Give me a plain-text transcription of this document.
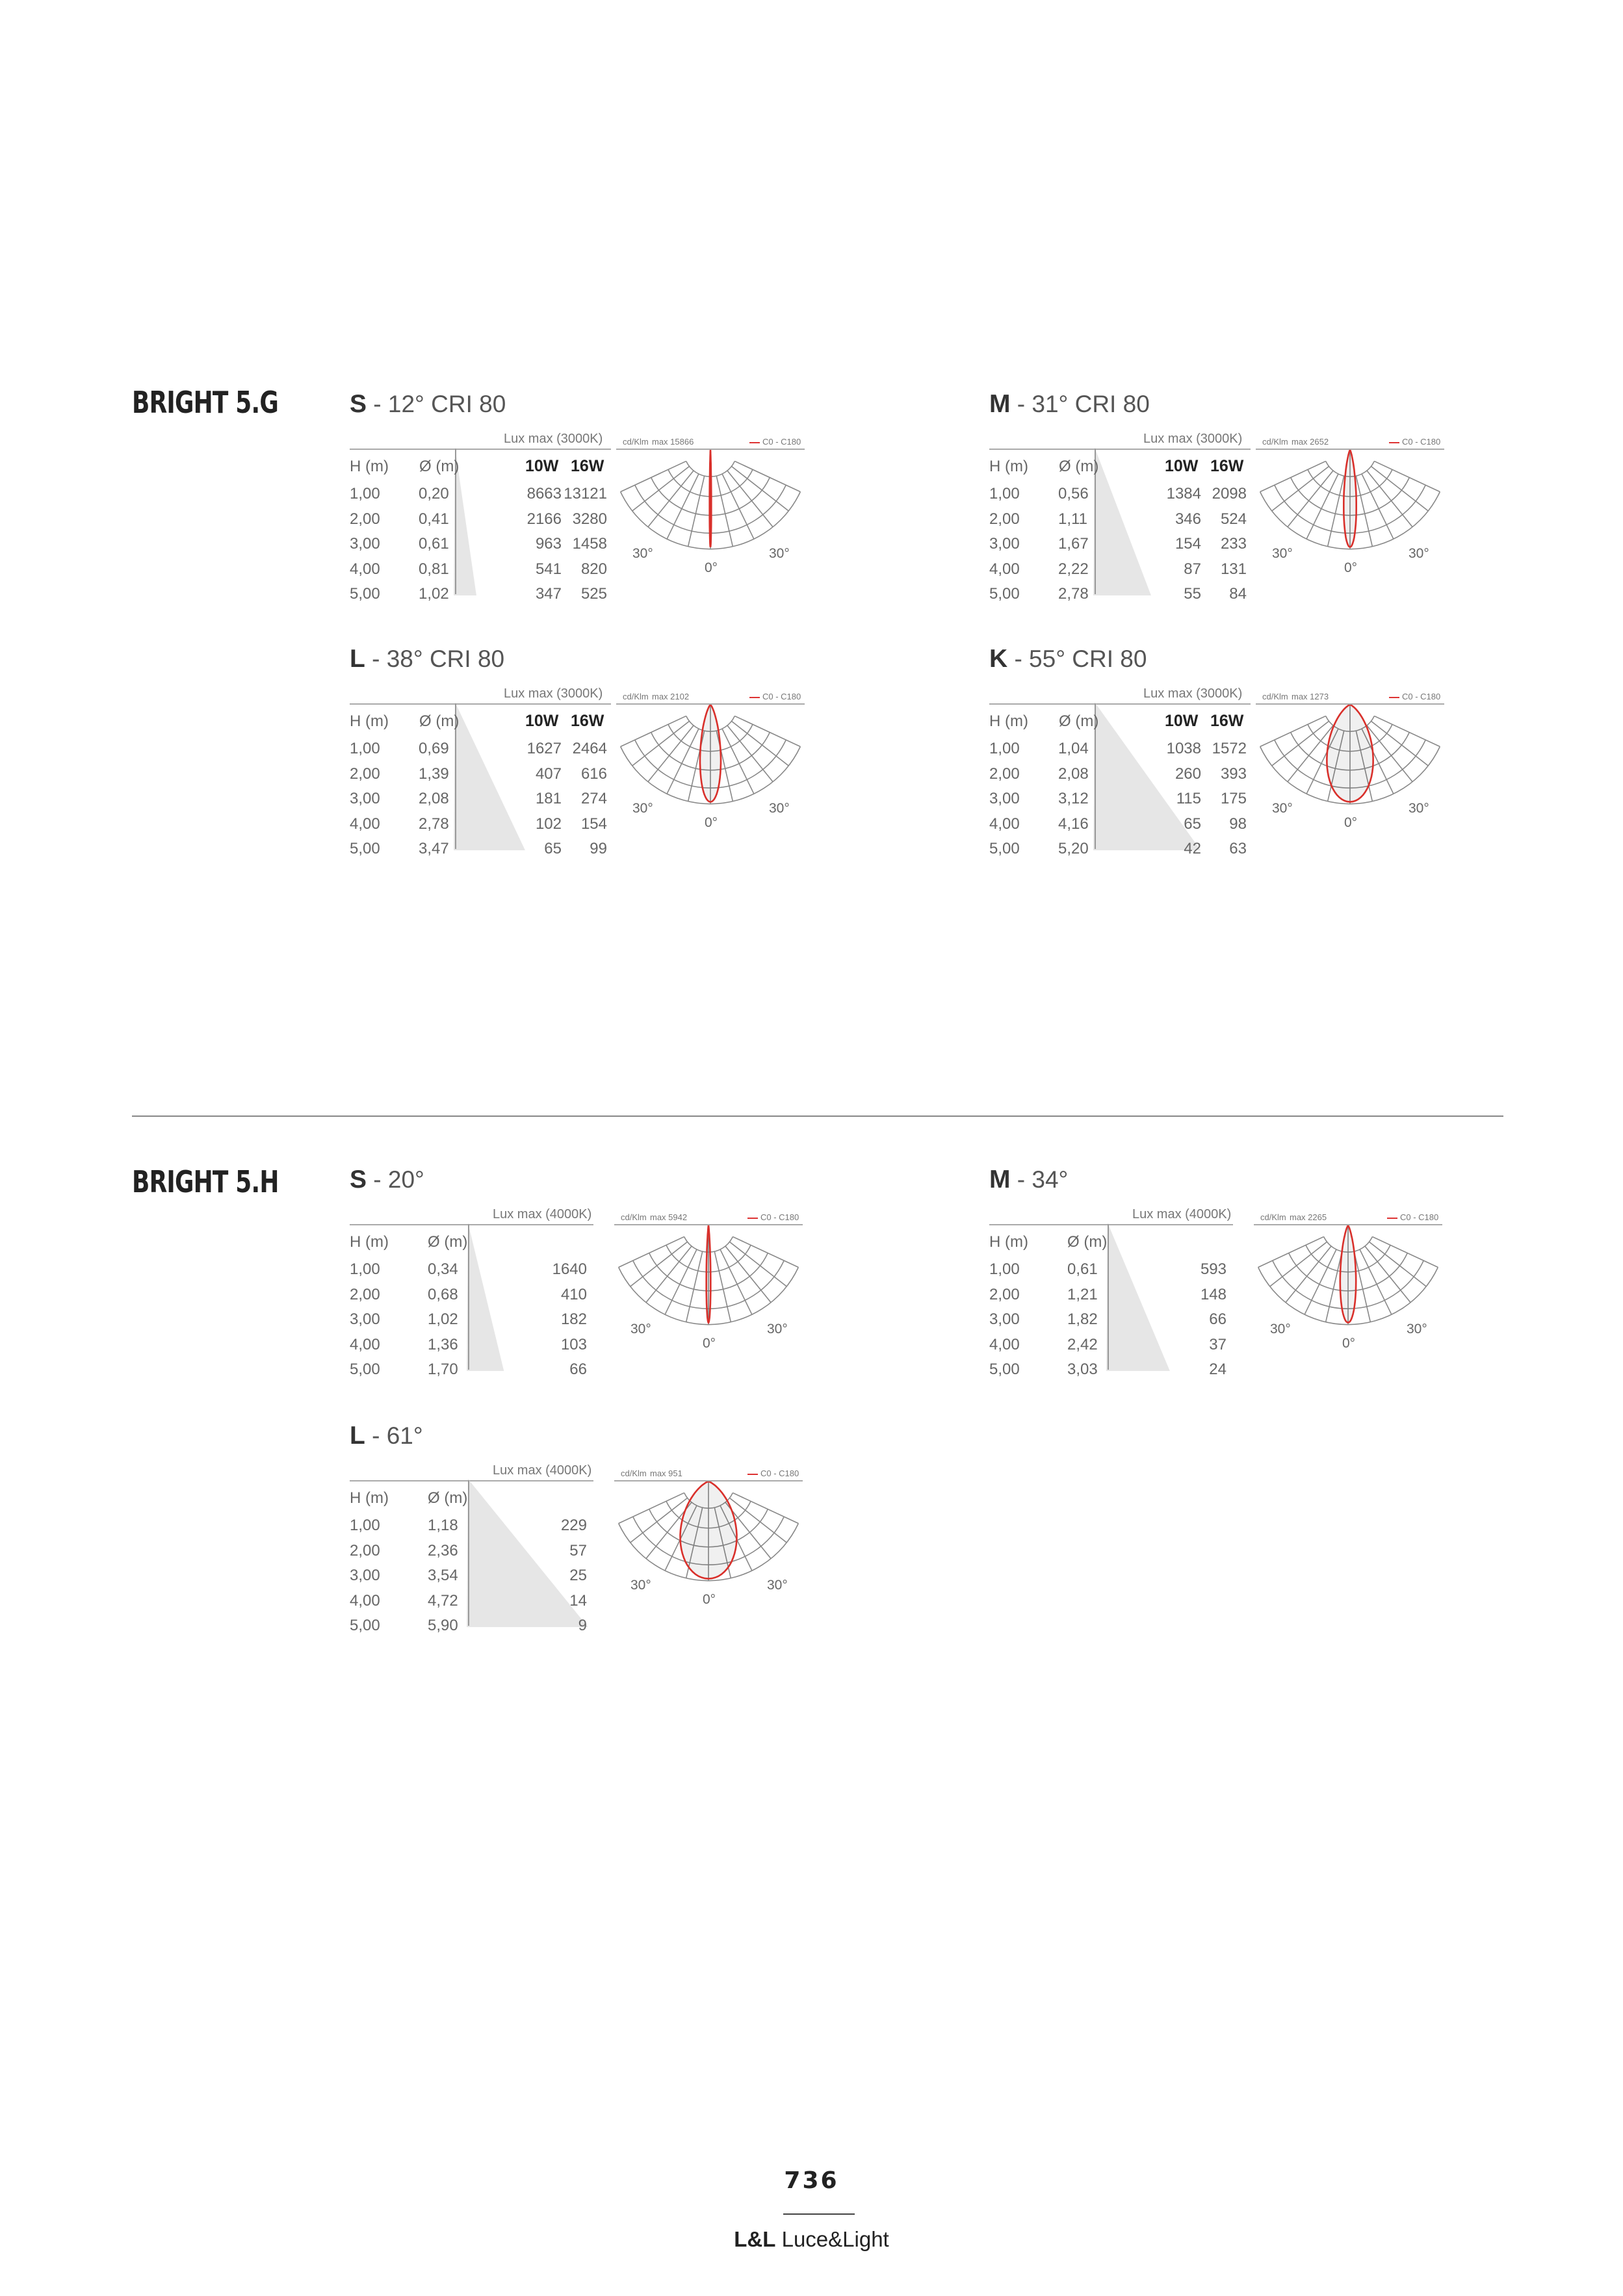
BRIGHT 5.G
BRIGHT 5.H
S - 12° CRI 80
Lux max (3000K)
H (m) Ø (m)	10W 16W
1,00 0,20	8663 13121
2,00 0,41	2166 3280
3,00 0,61	963 1458
4,00 0,81	541	820
5,00 1,02	347	525
cd/Klm max 15866	C0 - C180
30°
0°
30°
M - 31° CRI 80
Lux max (3000K)
H (m) Ø (m)	10W 16W
1,00 0,56	1384 2098
2,00 1,11	346	524
3,00 1,67	154	233
4,00 2,22	87	131
5,00 2,78	55	84
cd/Klm max 2652	C0 - C180
30°
0°
30°
L - 38° CRI 80
Lux max (3000K)
H (m) Ø (m)	10W 16W
1,00 0,69	1627 2464
2,00 1,39	407	616
3,00 2,08	181	274
4,00 2,78	102	154
5,00 3,47	65	99
cd/Klm max 2102	C0 - C180
30°
0°
30°
K - 55° CRI 80
Lux max (3000K)
H (m) Ø (m)	10W 16W
1,00 1,04	1038 1572
2,00 2,08	260	393
3,00 3,12	115	175
4,00 4,16	65	98
5,00 5,20	42	63
cd/Klm max 1273	C0 - C180
30°
0°
30°
S - 20°
Lux max (4000K)
H (m)	Ø (m)
1,00	0,34	1640
2,00	0,68	410
3,00	1,02	182
4,00	1,36	103
5,00	1,70	66
cd/Klm max 5942	C0 - C180
30°
0°
30°
M - 34°
Lux max (4000K)
H (m)	Ø (m)
1,00	0,61	593
2,00	1,21	148
3,00	1,82	66
4,00	2,42	37
5,00	3,03	24
cd/Klm max 2265	C0 - C180
30°
0°
30°
L - 61°
Lux max (4000K)
H (m)	Ø (m)
1,00	1,18	229
2,00	2,36	57
3,00	3,54	25
4,00	4,72	14
5,00	5,90	9
cd/Klm max 951	C0 - C180
30°
0°
30°
736
L&L Luce&Light
